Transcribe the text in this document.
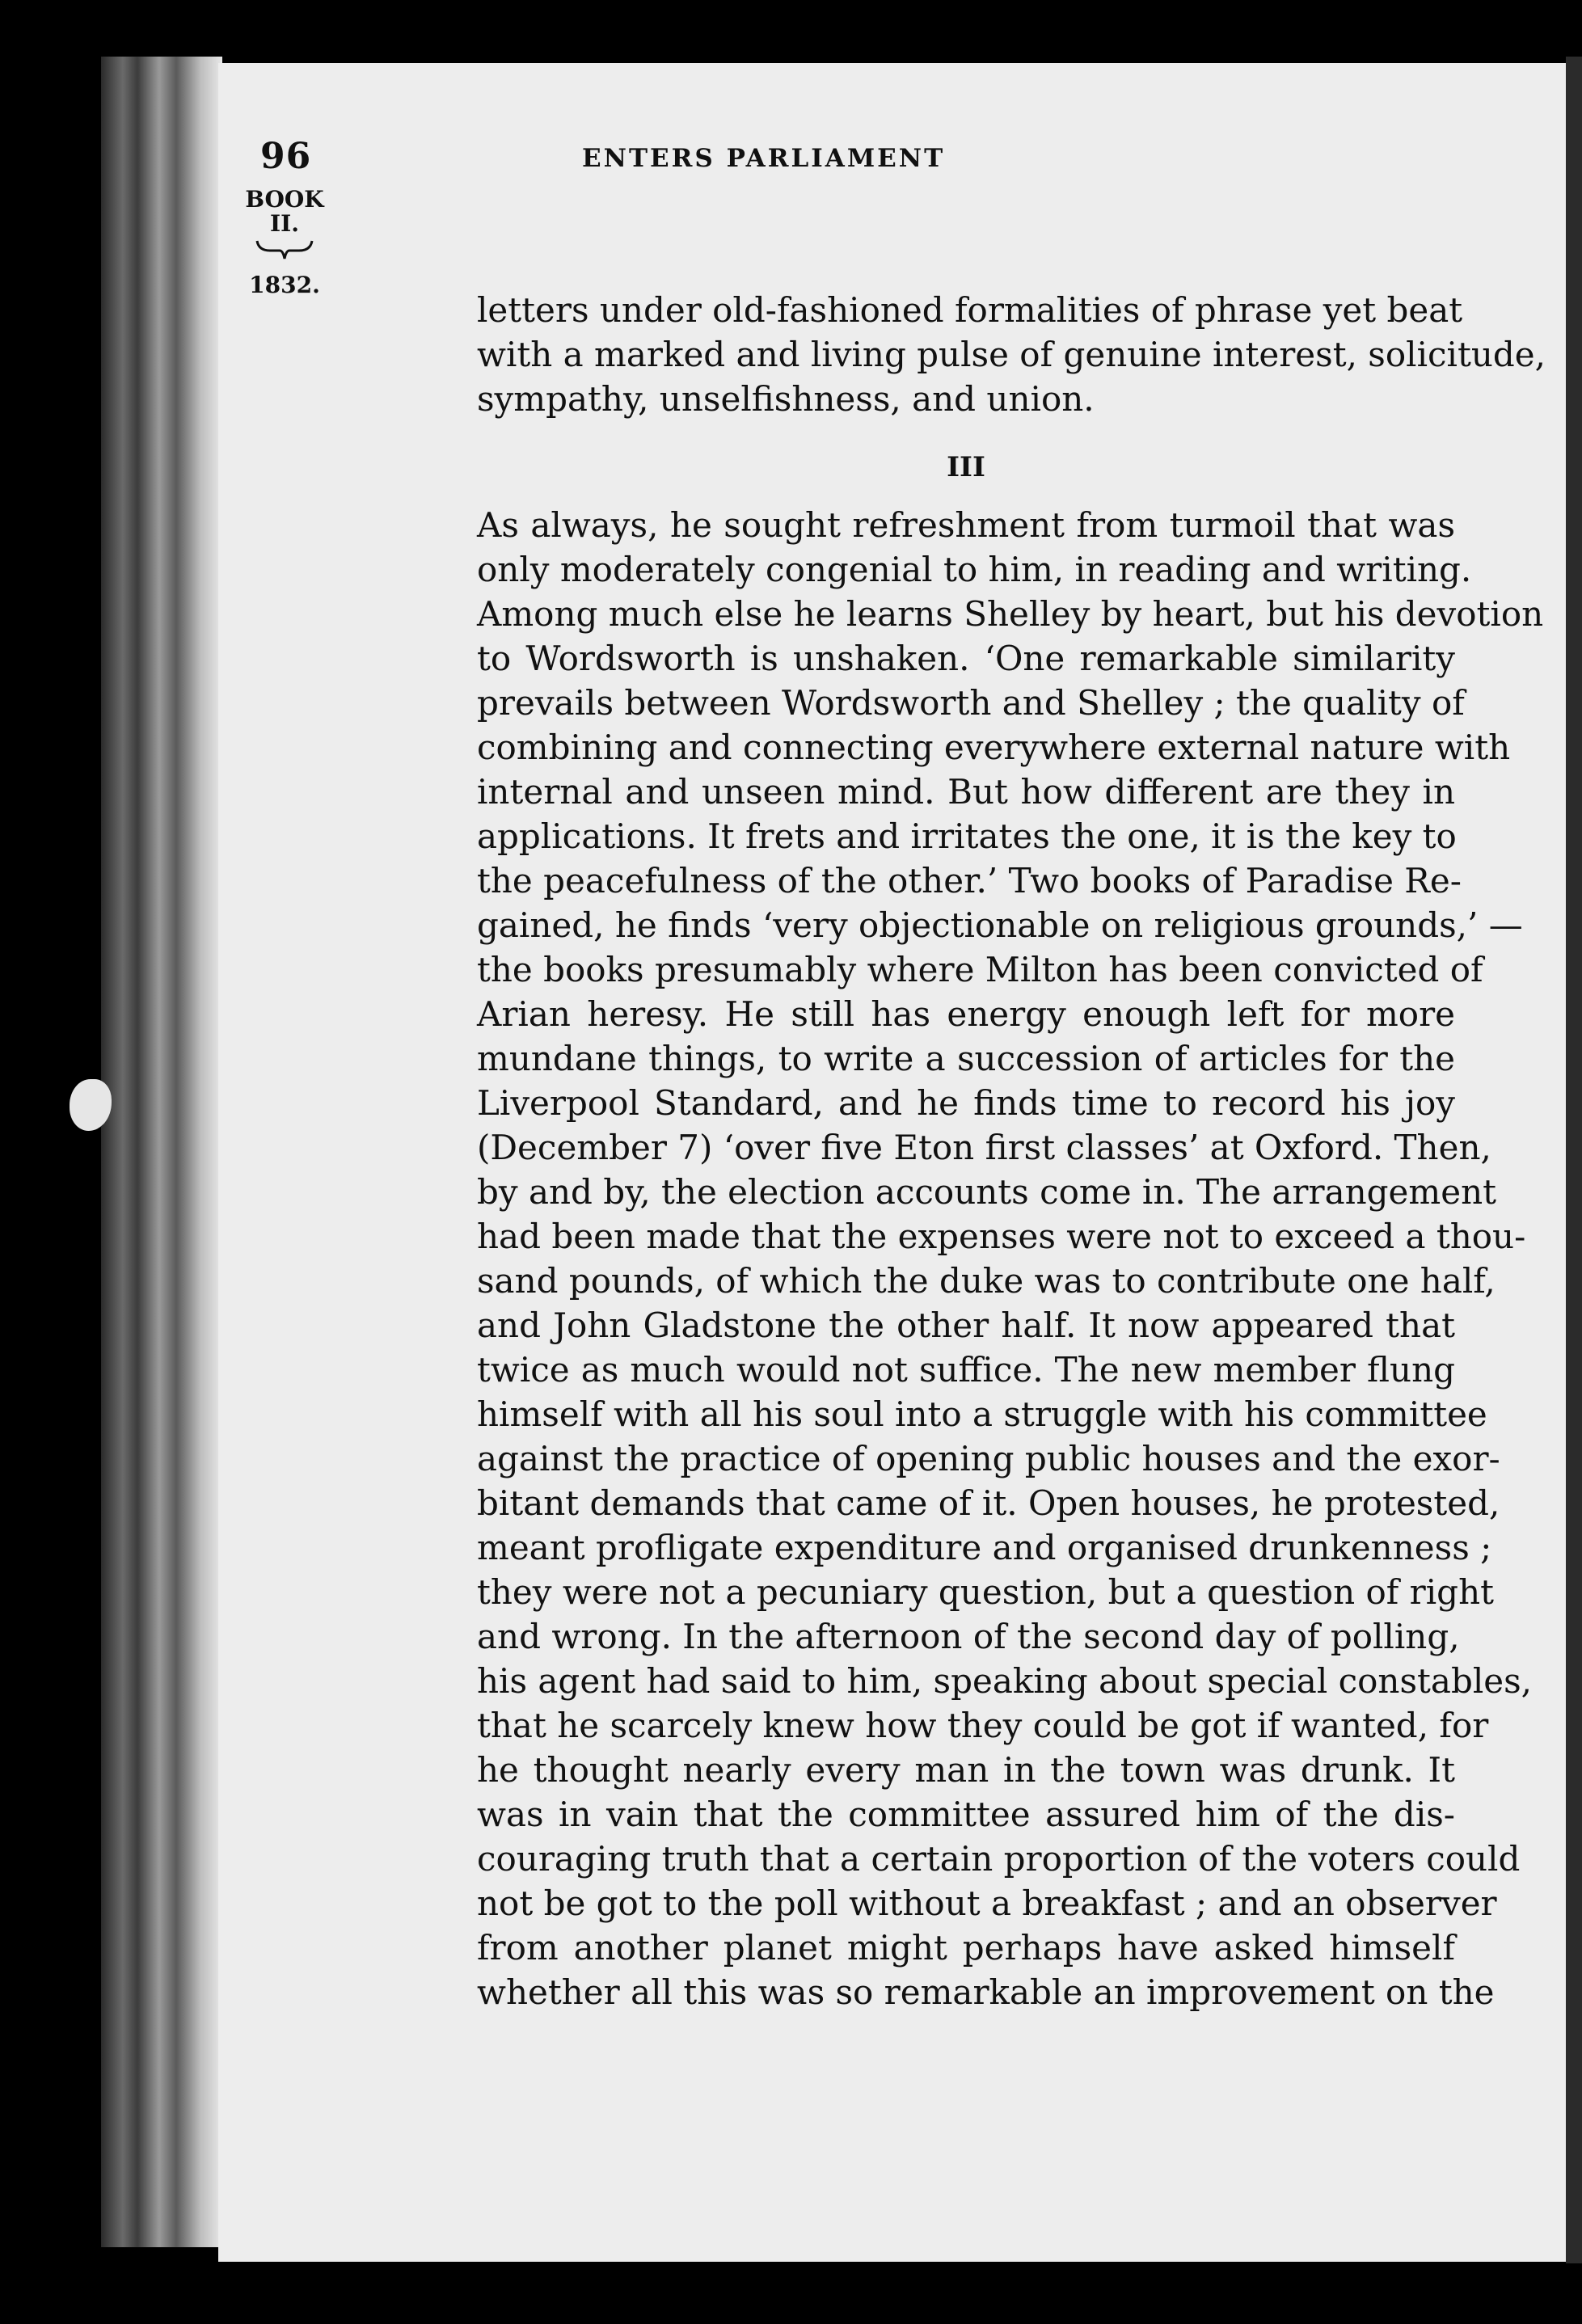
96	ENTERS PARLIAMENT
BOOK
II.
1832.
letters under old-fashioned formalities of phrase yet beat
with a marked and living pulse of genuine interest, solicitude,
sympathy, unselfishness, and union.
III
As always, he sought refreshment from turmoil that was
only moderately congenial to him, in reading and writing.
Among much else he learns Shelley by heart, but his devotion
to Wordsworth is unshaken. ‘One remarkable similarity
prevails between Wordsworth and Shelley ; the quality of
combining and connecting everywhere external nature with
internal and unseen mind. But how different are they in
applications. It frets and irritates the one, it is the key to
the peacefulness of the other.’ Two books of Paradise Re-
gained, he finds ‘very objectionable on religious grounds,’ —
the books presumably where Milton has been convicted of
Arian heresy. He still has energy enough left for more
mundane things, to write a succession of articles for the
Liverpool Standard, and he finds time to record his joy
(December 7) ‘over five Eton first classes’ at Oxford. Then,
by and by, the election accounts come in. The arrangement
had been made that the expenses were not to exceed a thou-
sand pounds, of which the duke was to contribute one half,
and John Gladstone the other half. It now appeared that
twice as much would not suffice. The new member flung
himself with all his soul into a struggle with his committee
against the practice of opening public houses and the exor-
bitant demands that came of it. Open houses, he protested,
meant profligate expenditure and organised drunkenness ;
they were not a pecuniary question, but a question of right
and wrong. In the afternoon of the second day of polling,
his agent had said to him, speaking about special constables,
that he scarcely knew how they could be got if wanted, for
he thought nearly every man in the town was drunk. It
was in vain that the committee assured him of the dis-
couraging truth that a certain proportion of the voters could
not be got to the poll without a breakfast ; and an observer
from another planet might perhaps have asked himself
whether all this was so remarkable an improvement on the
